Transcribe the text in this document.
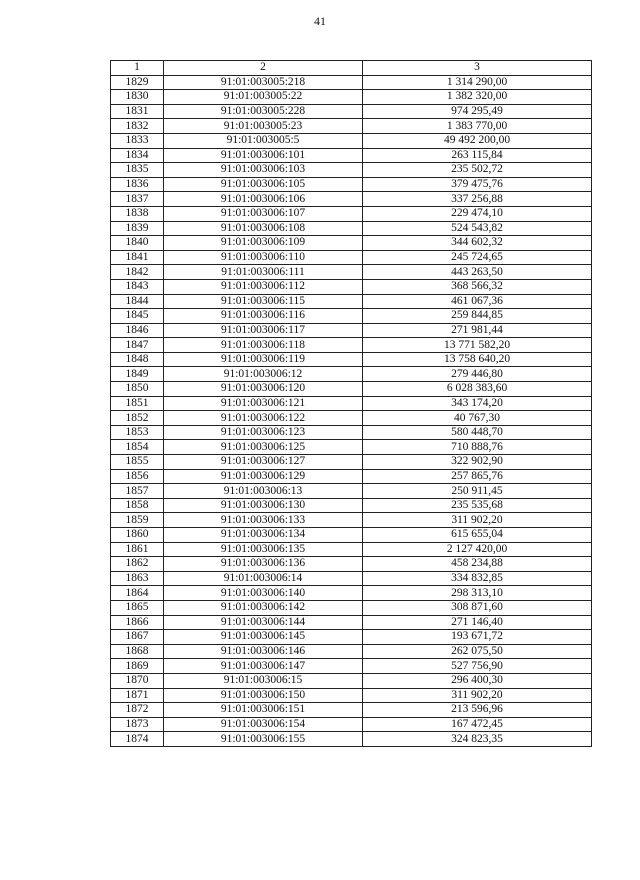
41
1	2	3
1829	91:01:003005:218	1 314 290,00
1830	91:01:003005:22	1 382 320,00
1831	91:01:003005:228	974 295,49
1832	91:01:003005:23	1 383 770,00
1833	91:01:003005:5	49 492 200,00
1834	91:01:003006:101	263 115,84
1835	91:01:003006:103	235 502,72
1836	91:01:003006:105	379 475,76
1837	91:01:003006:106	337 256,88
1838	91:01:003006:107	229 474,10
1839	91:01:003006:108	524 543,82
1840	91:01:003006:109	344 602,32
1841	91:01:003006:110	245 724,65
1842	91:01:003006:111	443 263,50
1843	91:01:003006:112	368 566,32
1844	91:01:003006:115	461 067,36
1845	91:01:003006:116	259 844,85
1846	91:01:003006:117	271 981,44
1847	91:01:003006:118	13 771 582,20
1848	91:01:003006:119	13 758 640,20
1849	91:01:003006:12	279 446,80
1850	91:01:003006:120	6 028 383,60
1851	91:01:003006:121	343 174,20
1852	91:01:003006:122	40 767,30
1853	91:01:003006:123	580 448,70
1854	91:01:003006:125	710 888,76
1855	91:01:003006:127	322 902,90
1856	91:01:003006:129	257 865,76
1857	91:01:003006:13	250 911,45
1858	91:01:003006:130	235 535,68
1859	91:01:003006:133	311 902,20
1860	91:01:003006:134	615 655,04
1861	91:01:003006:135	2 127 420,00
1862	91:01:003006:136	458 234,88
1863	91:01:003006:14	334 832,85
1864	91:01:003006:140	298 313,10
1865	91:01:003006:142	308 871,60
1866	91:01:003006:144	271 146,40
1867	91:01:003006:145	193 671,72
1868	91:01:003006:146	262 075,50
1869	91:01:003006:147	527 756,90
1870	91:01:003006:15	296 400,30
1871	91:01:003006:150	311 902,20
1872	91:01:003006:151	213 596,96
1873	91:01:003006:154	167 472,45
1874	91:01:003006:155	324 823,35
